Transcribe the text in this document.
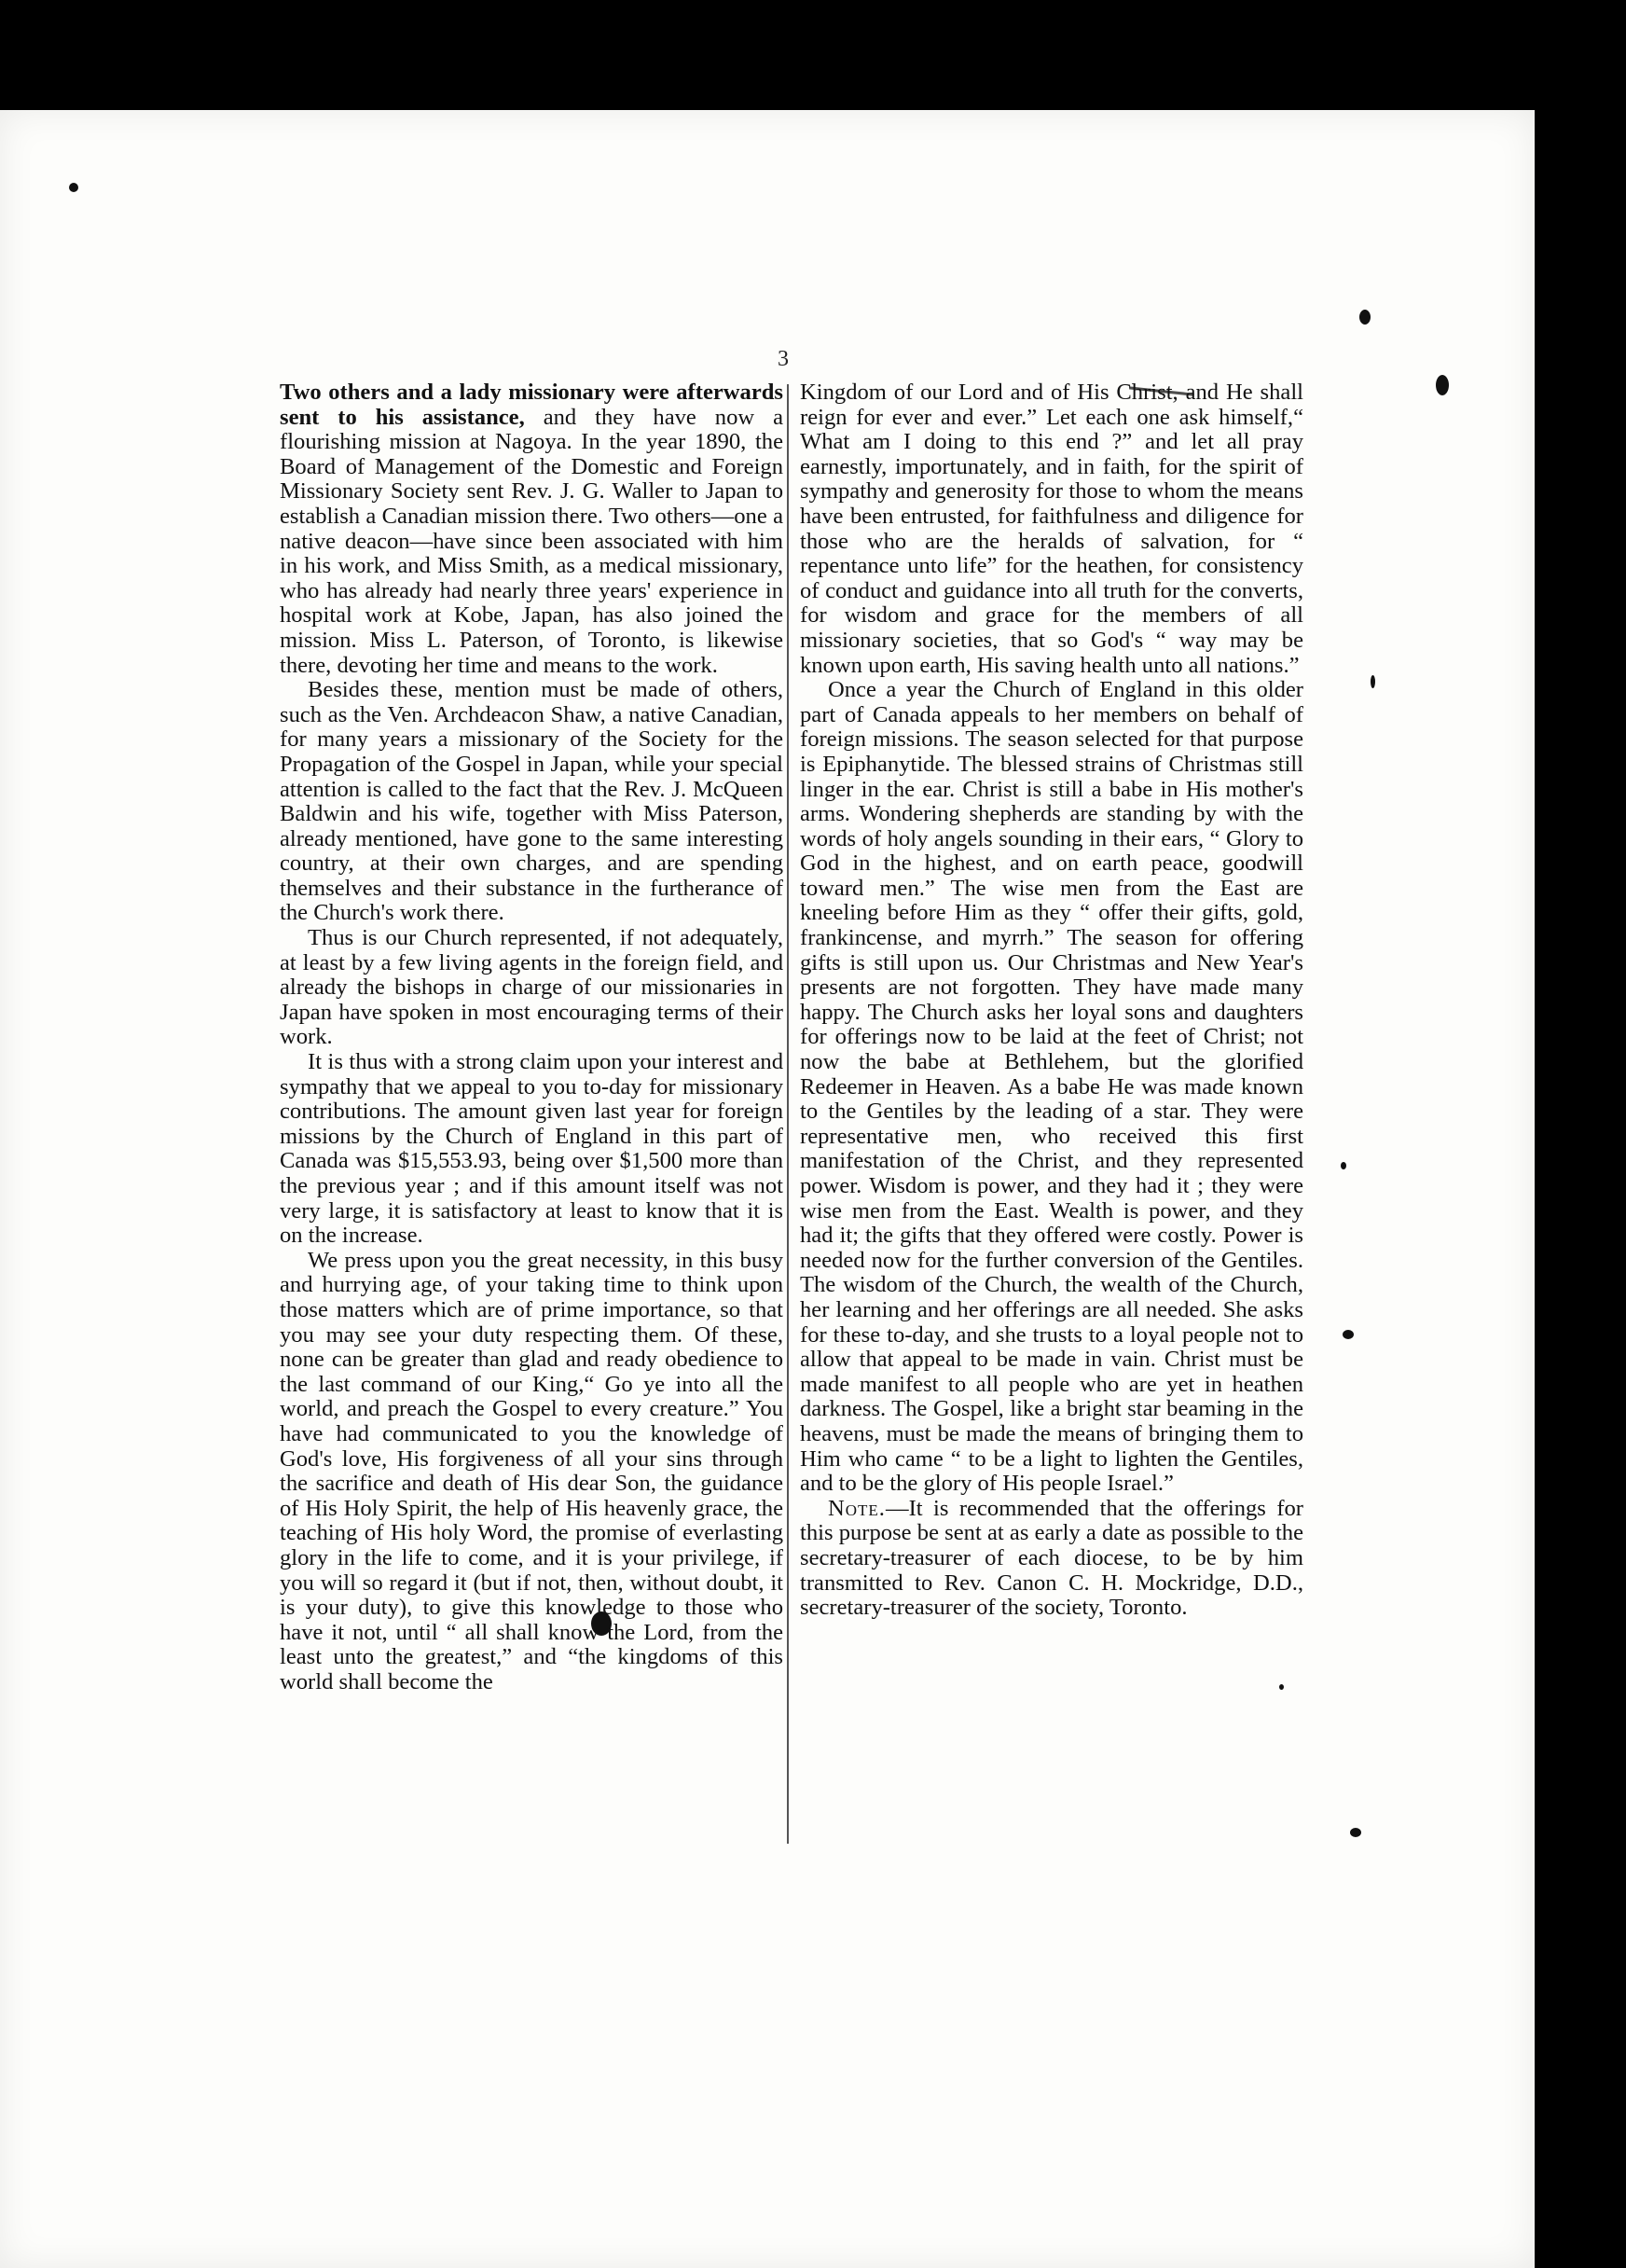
3

Two others and a lady missionary were afterwards sent to his assistance, and they have now a flourishing mission at Nagoya. In the year 1890, the Board of Management of the Domestic and Foreign Missionary Society sent Rev. J. G. Waller to Japan to establish a Canadian mission there. Two others—one a native deacon—have since been associated with him in his work, and Miss Smith, as a medical missionary, who has already had nearly three years' experience in hospital work at Kobe, Japan, has also joined the mission. Miss L. Paterson, of Toronto, is likewise there, devoting her time and means to the work.

Besides these, mention must be made of others, such as the Ven. Archdeacon Shaw, a native Canadian, for many years a missionary of the Society for the Propagation of the Gospel in Japan, while your special attention is called to the fact that the Rev. J. McQueen Baldwin and his wife, together with Miss Paterson, already mentioned, have gone to the same interesting country, at their own charges, and are spending themselves and their substance in the furtherance of the Church's work there.

Thus is our Church represented, if not adequately, at least by a few living agents in the foreign field, and already the bishops in charge of our missionaries in Japan have spoken in most encouraging terms of their work.

It is thus with a strong claim upon your interest and sympathy that we appeal to you to-day for missionary contributions. The amount given last year for foreign missions by the Church of England in this part of Canada was $15,553.93, being over $1,500 more than the previous year ; and if this amount itself was not very large, it is satisfactory at least to know that it is on the increase.

We press upon you the great necessity, in this busy and hurrying age, of your taking time to think upon those matters which are of prime importance, so that you may see your duty respecting them. Of these, none can be greater than glad and ready obedience to the last command of our King,“ Go ye into all the world, and preach the Gospel to every creature.” You have had communicated to you the knowledge of God's love, His forgiveness of all your sins through the sacrifice and death of His dear Son, the guidance of His Holy Spirit, the help of His heavenly grace, the teaching of His holy Word, the promise of everlasting glory in the life to come, and it is your privilege, if you will so regard it (but if not, then, without doubt, it is your duty), to give this knowledge to those who have it not, until “ all shall know the Lord, from the least unto the greatest,” and “the kingdoms of this world shall become the

Kingdom of our Lord and of His Christ, and He shall reign for ever and ever.” Let each one ask himself,“ What am I doing to this end ?” and let all pray earnestly, importunately, and in faith, for the spirit of sympathy and generosity for those to whom the means have been entrusted, for faithfulness and diligence for those who are the heralds of salvation, for “ repentance unto life” for the heathen, for consistency of conduct and guidance into all truth for the converts, for wisdom and grace for the members of all missionary societies, that so God's “ way may be known upon earth, His saving health unto all nations.”

Once a year the Church of England in this older part of Canada appeals to her members on behalf of foreign missions. The season selected for that purpose is Epiphanytide. The blessed strains of Christmas still linger in the ear. Christ is still a babe in His mother's arms. Wondering shepherds are standing by with the words of holy angels sounding in their ears, “ Glory to God in the highest, and on earth peace, goodwill toward men.” The wise men from the East are kneeling before Him as they “ offer their gifts, gold, frankincense, and myrrh.” The season for offering gifts is still upon us. Our Christmas and New Year's presents are not forgotten. They have made many happy. The Church asks her loyal sons and daughters for offerings now to be laid at the feet of Christ; not now the babe at Bethlehem, but the glorified Redeemer in Heaven. As a babe He was made known to the Gentiles by the leading of a star. They were representative men, who received this first manifestation of the Christ, and they represented power. Wisdom is power, and they had it ; they were wise men from the East. Wealth is power, and they had it; the gifts that they offered were costly. Power is needed now for the further conversion of the Gentiles. The wisdom of the Church, the wealth of the Church, her learning and her offerings are all needed. She asks for these to-day, and she trusts to a loyal people not to allow that appeal to be made in vain. Christ must be made manifest to all people who are yet in heathen darkness. The Gospel, like a bright star beaming in the heavens, must be made the means of bringing them to Him who came “ to be a light to lighten the Gentiles, and to be the glory of His people Israel.”

Note.—It is recommended that the offerings for this purpose be sent at as early a date as possible to the secretary-treasurer of each diocese, to be by him transmitted to Rev. Canon C. H. Mockridge, D.D., secretary-treasurer of the society, Toronto.
